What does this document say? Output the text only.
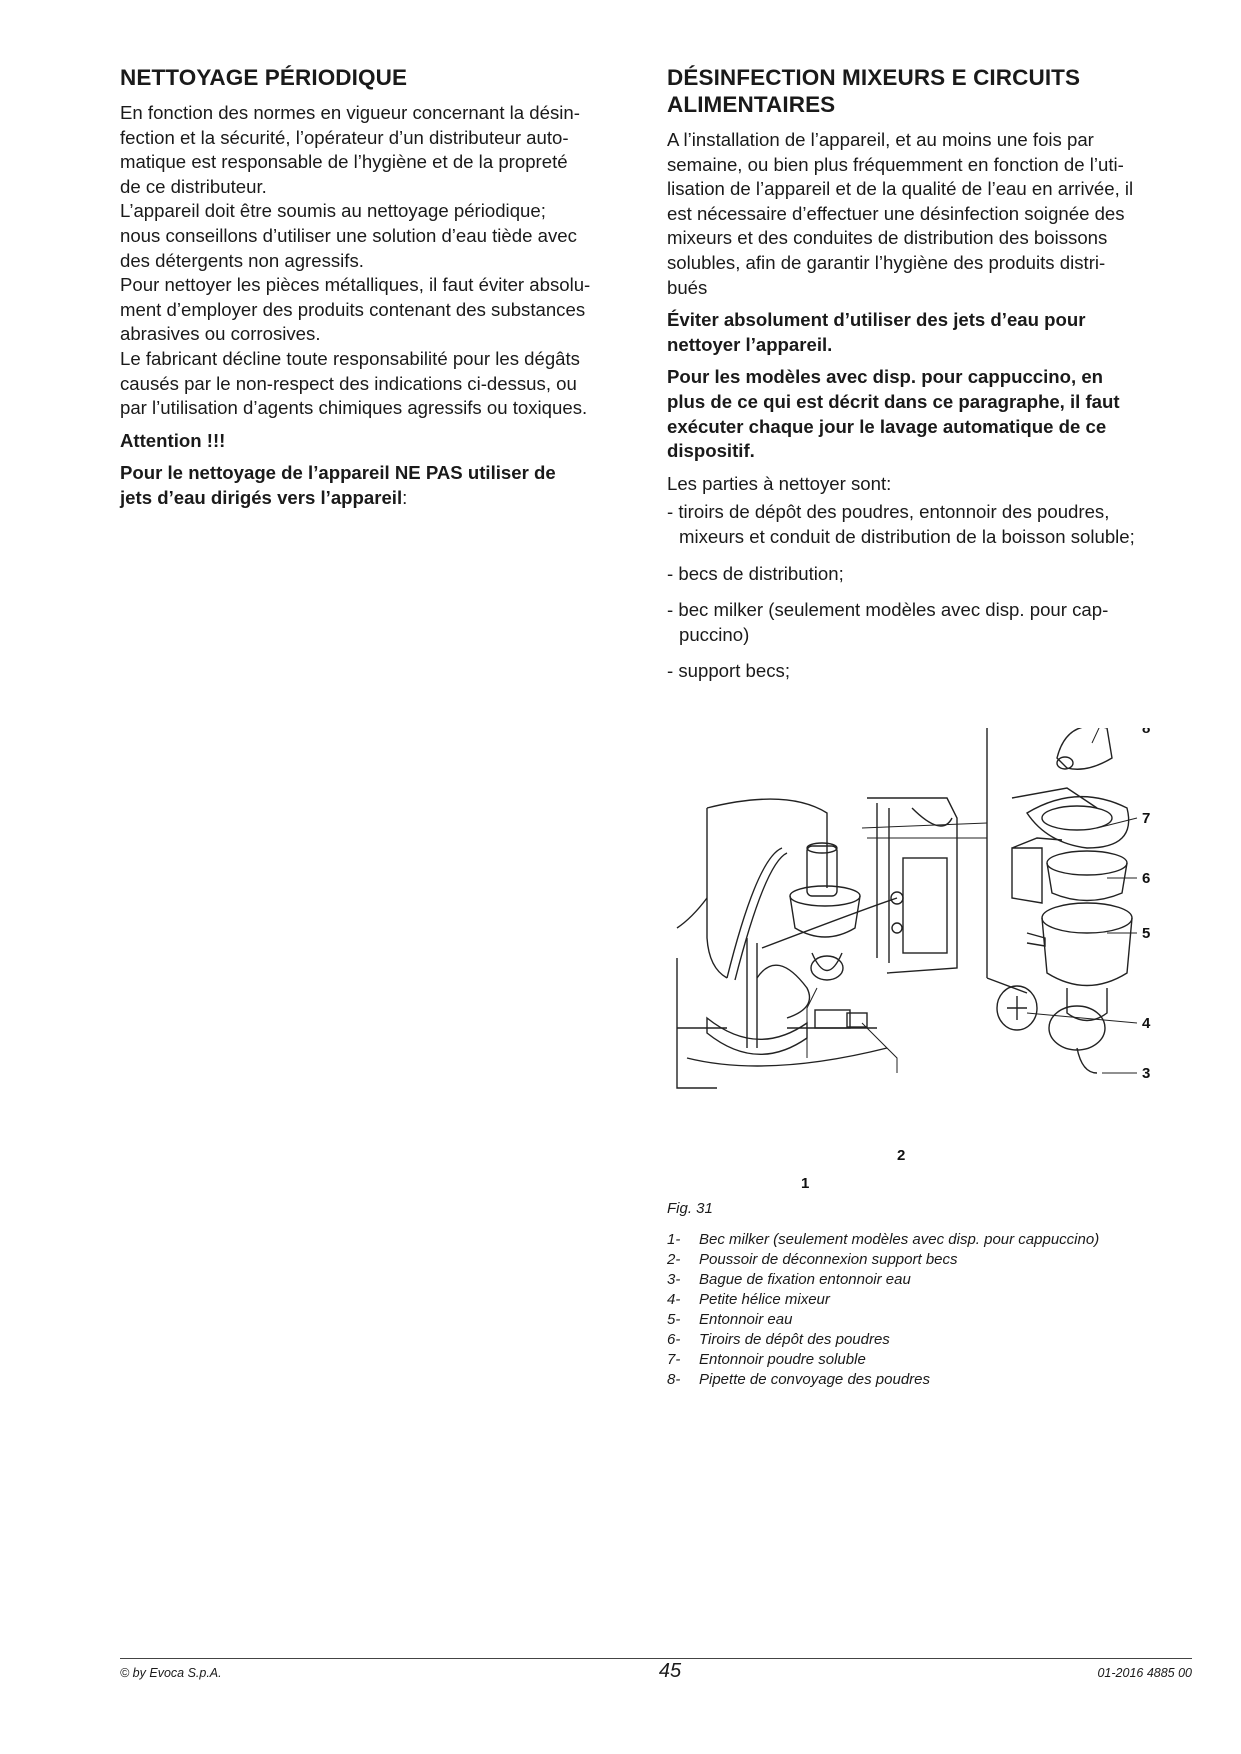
NETTOYAGE PÉRIODIQUE

En fonction des normes en vigueur concernant la désin-
fection et la sécurité, l’opérateur d’un distributeur auto-
matique est responsable de l’hygiène et de la propreté
de ce distributeur.
L’appareil doit être soumis au nettoyage périodique;
nous conseillons d’utiliser une solution d’eau tiède avec
des détergents non agressifs.
Pour nettoyer les pièces métalliques, il faut éviter absolu-
ment d’employer des produits contenant des substances
abrasives ou corrosives.
Le fabricant décline toute responsabilité pour les dégâts
causés par le non-respect des indications ci-dessus, ou
par l’utilisation d’agents chimiques agressifs ou toxiques.

Attention !!!

Pour le nettoyage de l’appareil NE PAS utiliser de
jets d’eau dirigés vers l’appareil:

DÉSINFECTION MIXEURS E CIRCUITS
ALIMENTAIRES

A l’installation de l’appareil, et au moins une fois par
semaine, ou bien plus fréquemment en fonction de l’uti-
lisation de l’appareil et de la qualité de l’eau en arrivée, il
est nécessaire d’effectuer une désinfection soignée des
mixeurs et des conduites de distribution des boissons
solubles, afin de garantir l’hygiène des produits distri-
bués

Éviter absolument d’utiliser des jets d’eau pour
nettoyer l’appareil.

Pour les modèles avec disp. pour cappuccino, en
plus de ce qui est décrit dans ce paragraphe, il faut
exécuter chaque jour le lavage automatique de ce
dispositif.

Les parties à nettoyer sont:

- tiroirs de dépôt des poudres, entonnoir des poudres,
mixeurs et conduit de distribution de la boisson soluble;
- becs de distribution;
- bec milker (seulement modèles avec disp. pour cap-
puccino)
- support becs;
1
2
3
4
5
6
7
8
Fig. 31
1- Bec milker (seulement modèles avec disp. pour cappuccino)
2- Poussoir de déconnexion support becs
3- Bague de fixation entonnoir eau
4- Petite hélice mixeur
5- Entonnoir eau
6- Tiroirs de dépôt des poudres
7- Entonnoir poudre soluble
8- Pipette de convoyage des poudres
© by Evoca S.p.A.	45	01-2016 4885 00
